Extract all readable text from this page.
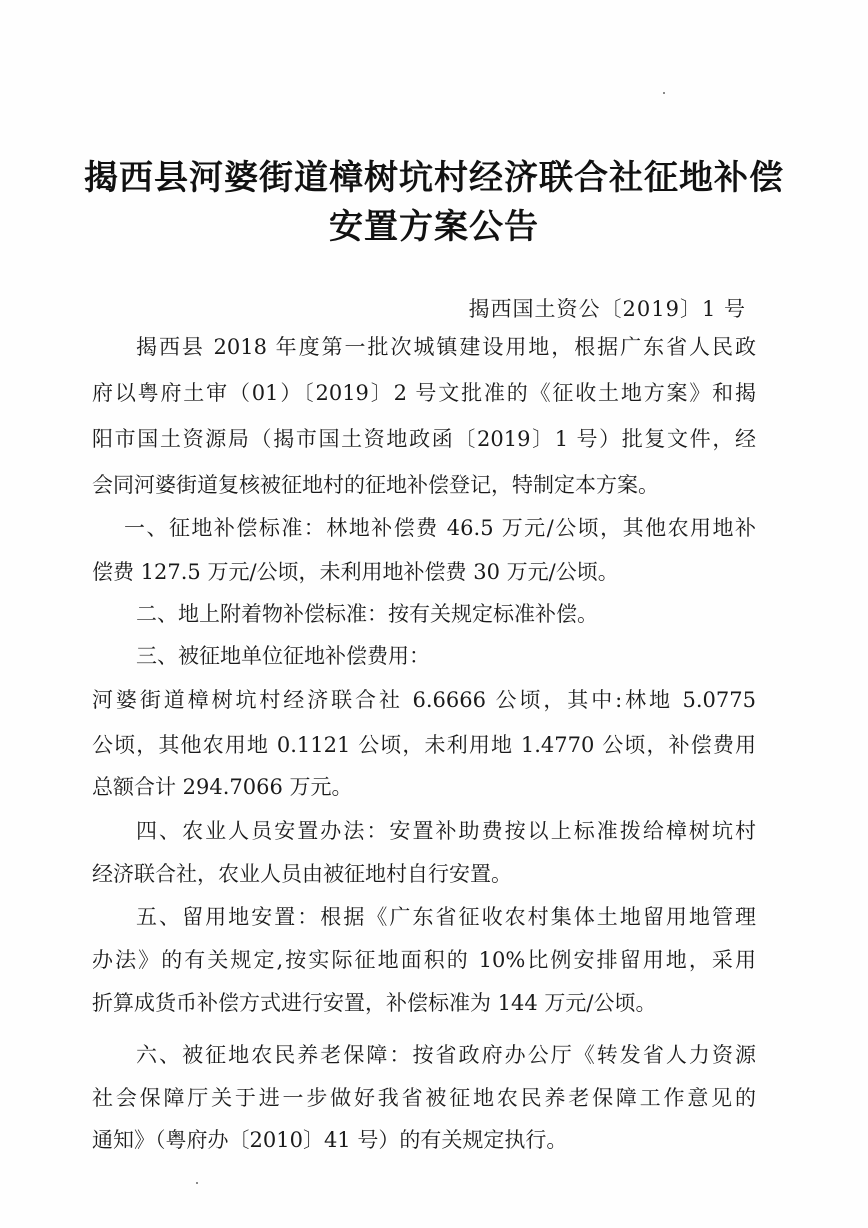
揭西县河婆街道樟树坑村经济联合社征地补偿
安置方案公告

揭西国土资公〔2019〕1 号

揭西县 2018 年度第一批次城镇建设用地，根据广东省人民政

府以粤府土审（01）〔2019〕2 号文批准的《征收土地方案》和揭

阳市国土资源局（揭市国土资地政函〔2019〕1 号）批复文件，经

会同河婆街道复核被征地村的征地补偿登记，特制定本方案。

一、征地补偿标准：林地补偿费 46.5 万元/公顷，其他农用地补

偿费 127.5 万元/公顷，未利用地补偿费 30 万元/公顷。

二、地上附着物补偿标准：按有关规定标准补偿。

三、被征地单位征地补偿费用：

河婆街道樟树坑村经济联合社 6.6666 公顷，其中:林地 5.0775

公顷，其他农用地 0.1121 公顷，未利用地 1.4770 公顷，补偿费用

总额合计 294.7066 万元。

四、农业人员安置办法：安置补助费按以上标准拨给樟树坑村

经济联合社，农业人员由被征地村自行安置。

五、留用地安置：根据《广东省征收农村集体土地留用地管理

办法》的有关规定,按实际征地面积的 10%比例安排留用地，采用

折算成货币补偿方式进行安置，补偿标准为 144 万元/公顷。

六、被征地农民养老保障：按省政府办公厅《转发省人力资源

社会保障厅关于进一步做好我省被征地农民养老保障工作意见的

通知》（粤府办〔2010〕41 号）的有关规定执行。
